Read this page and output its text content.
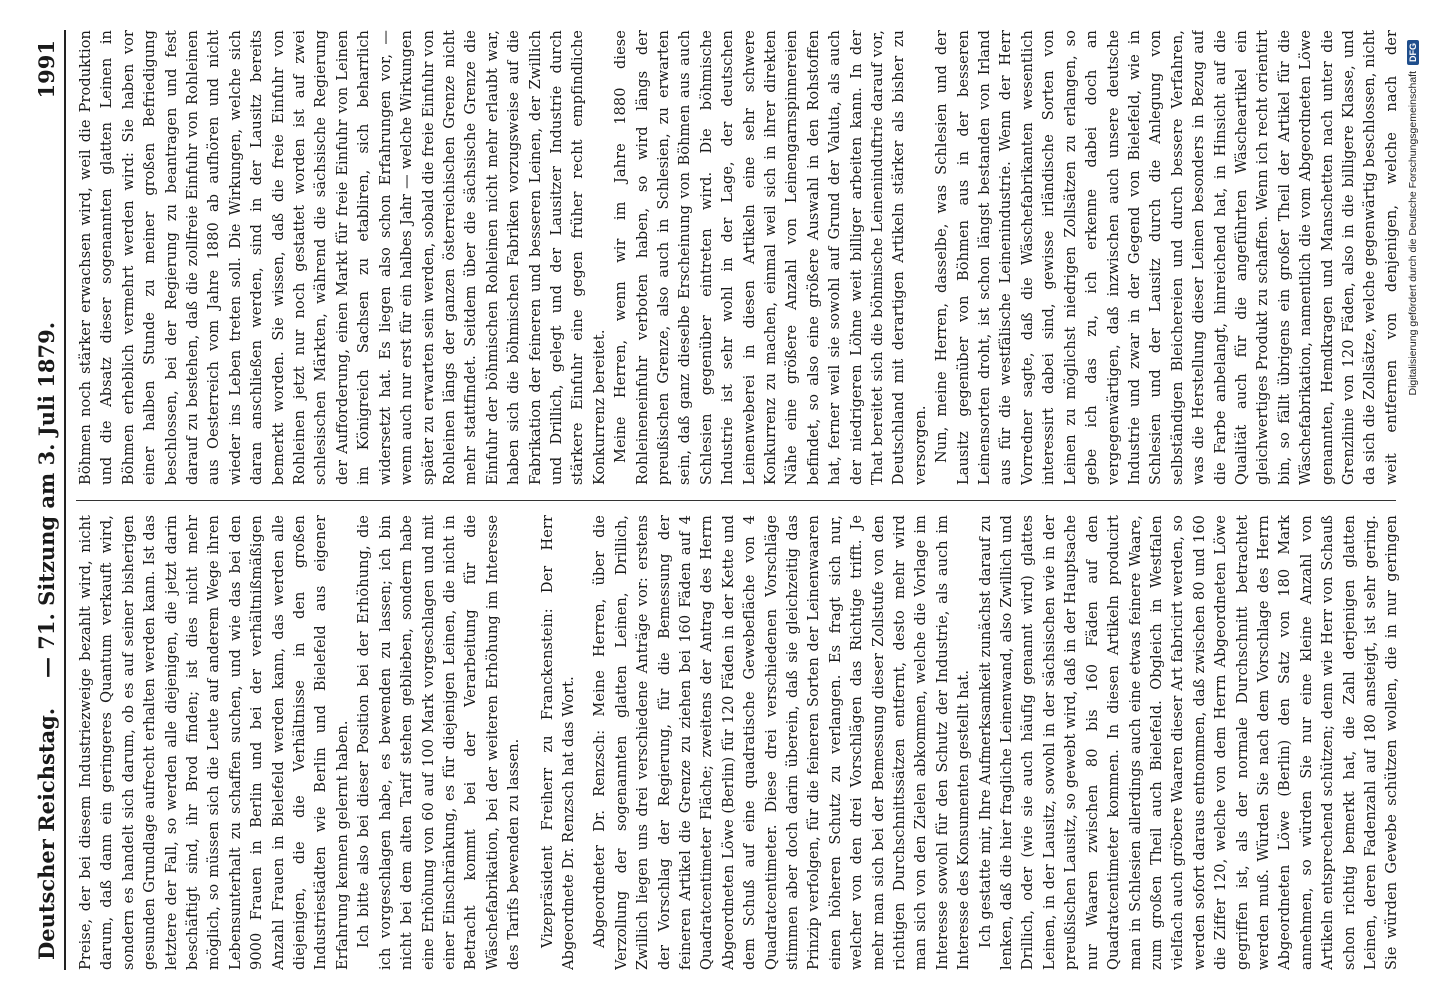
Deutscher Reichstag.
— 71. Sitzung am 3. Juli 1879.
1991

Preise, der bei diesem Industriezweige bezahlt wird, nicht darum, daß dann ein geringeres Quantum verkauft wird, sondern es handelt sich darum, ob es auf seiner bisherigen gesunden Grundlage aufrecht erhalten werden kann. Ist das letztere der Fall, so werden alle diejenigen, die jetzt darin beschäftigt sind, ihr Brod finden; ist dies nicht mehr möglich, so müssen sich die Leute auf anderem Wege ihren Lebensunterhalt zu schaffen suchen, und wie das bei den 9000 Frauen in Berlin und bei der verhältnißmäßigen Anzahl Frauen in Bielefeld werden kann, das werden alle diejenigen, die die Verhältnisse in den großen Industriestädten wie Berlin und Bielefeld aus eigener Erfahrung kennen gelernt haben. Ich bitte also bei dieser Position bei der Erhöhung, die ich vorgeschlagen habe, es bewenden zu lassen; ich bin nicht bei dem alten Tarif stehen geblieben, sondern habe eine Erhöhung von 60 auf 100 Mark vorgeschlagen und mit einer Einschränkung, es für diejenigen Leinen, die nicht in Betracht kommt bei der Verarbeitung für die Wäschefabrikation, bei der weiteren Erhöhung im Interesse des Tarifs bewenden zu lassen. Vizepräsident Freiherr zu Franckenstein: Der Herr Abgeordnete Dr. Renzsch hat das Wort. Abgeordneter Dr. Renzsch: Meine Herren, über die Verzollung der sogenannten glatten Leinen, Drillich, Zwillich liegen uns drei verschiedene Anträge vor: erstens der Vorschlag der Regierung, für die Bemessung der feineren Artikel die Grenze zu ziehen bei 160 Fäden auf 4 Quadratcentimeter Fläche; zweitens der Antrag des Herrn Abgeordneten Löwe (Berlin) für 120 Fäden in der Kette und dem Schuß auf eine quadratische Gewebefläche von 4 Quadratcentimeter. Diese drei verschiedenen Vorschläge stimmen aber doch darin überein, daß sie gleichzeitig das Prinzip verfolgen, für die feineren Sorten der Leinenwaaren einen höheren Schutz zu verlangen. Es fragt sich nur, welcher von den drei Vorschlägen das Richtige trifft. Je mehr man sich bei der Bemessung dieser Zollstufe von den richtigen Durchschnittssätzen entfernt, desto mehr wird man sich von den Zielen abkommen, welche die Vorlage im Interesse sowohl für den Schutz der Industrie, als auch im Interesse des Konsumenten gestellt hat. Ich gestatte mir, Ihre Aufmerksamkeit zunächst darauf zu lenken, daß die hier fragliche Leinenwand, also Zwillich und Drillich, oder (wie sie auch häufig genannt wird) glattes Leinen, in der Lausitz, sowohl in der sächsischen wie in der preußischen Lausitz, so gewebt wird, daß in der Hauptsache nur Waaren zwischen 80 bis 160 Fäden auf den Quadratcentimeter kommen. In diesen Artikeln producirt man in Schlesien allerdings auch eine etwas feinere Waare, zum großen Theil auch Bielefeld. Obgleich in Westfalen vielfach auch gröbere Waaren dieser Art fabricirt werden, so werden sofort daraus entnommen, daß zwischen 80 und 160 die Ziffer 120, welche von dem Herrn Abgeordneten Löwe gegriffen ist, als der normale Durchschnitt betrachtet werden muß. Würden Sie nach dem Vorschlage des Herrn Abgeordneten Löwe (Berlin) den Satz von 180 Mark annehmen, so würden Sie nur eine kleine Anzahl von Artikeln entsprechend schützen; denn wie Herr von Schauß schon richtig bemerkt hat, die Zahl derjenigen glatten Leinen, deren Fadenzahl auf 180 ansteigt, ist sehr gering. Sie würden Gewebe schützen wollen, die in nur geringen

Böhmen noch stärker erwachsen wird, weil die Produktion und die Absatz dieser sogenannten glatten Leinen in Böhmen erheblich vermehrt werden wird: Sie haben vor einer halben Stunde zu meiner großen Befriedigung beschlossen, bei der Regierung zu beantragen und fest darauf zu bestehen, daß die zollfreie Einfuhr von Rohleinen aus Oesterreich vom Jahre 1880 ab aufhören und nicht wieder ins Leben treten soll. Die Wirkungen, welche sich daran anschließen werden, sind in der Lausitz bereits bemerkt worden. Sie wissen, daß die freie Einfuhr von Rohleinen jetzt nur noch gestattet worden ist auf zwei schlesischen Märkten, während die sächsische Regierung der Aufforderung, einen Markt für freie Einfuhr von Leinen im Königreich Sachsen zu etabliren, sich beharrlich widersetzt hat. Es liegen also schon Erfahrungen vor, — wenn auch nur erst für ein halbes Jahr — welche Wirkungen später zu erwarten sein werden, sobald die freie Einfuhr von Rohleinen längs der ganzen österreichischen Grenze nicht mehr stattfindet. Seitdem über die sächsische Grenze die Einfuhr der böhmischen Rohleinen nicht mehr erlaubt war, haben sich die böhmischen Fabriken vorzugsweise auf die Fabrikation der feineren und besseren Leinen, der Zwillich und Drillich, gelegt und der Lausitzer Industrie durch stärkere Einfuhr eine gegen früher recht empfindliche Konkurrenz bereitet. Meine Herren, wenn wir im Jahre 1880 diese Rohleineneinfuhr verboten haben, so wird längs der preußischen Grenze, also auch in Schlesien, zu erwarten sein, daß ganz dieselbe Erscheinung von Böhmen aus auch Schlesien gegenüber eintreten wird. Die böhmische Industrie ist sehr wohl in der Lage, der deutschen Leinenweberei in diesen Artikeln eine sehr schwere Konkurrenz zu machen, einmal weil sich in ihrer direkten Nähe eine größere Anzahl von Leinengarnspinnereien befindet, so also eine größere Auswahl in den Rohstoffen hat, ferner weil sie sowohl auf Grund der Valuta, als auch der niedrigeren Löhne weit billiger arbeiten kann. In der That bereitet sich die böhmische Leineninduftrie darauf vor, Deutschland mit derartigen Artikeln stärker als bisher zu versorgen. Nun, meine Herren, dasselbe, was Schlesien und der Lausitz gegenüber von Böhmen aus in der besseren Leinensorten droht, ist schon längst bestanden von Irland aus für die westfälische Leinenindustrie. Wenn der Herr Vorredner sagte, daß die Wäschefabrikanten wesentlich interessirt dabei sind, gewisse irländische Sorten von Leinen zu möglichst niedrigen Zollsätzen zu erlangen, so gebe ich das zu, ich erkenne dabei doch an vergegenwärtigen, daß inzwischen auch unsere deutsche Industrie und zwar in der Gegend von Bielefeld, wie in Schlesien und der Lausitz durch die Anlegung von selbständigen Bleichereien und durch bessere Verfahren, was die Herstellung dieser Leinen besonders in Bezug auf die Farbe anbelangt, hinreichend hat, in Hinsicht auf die Qualität auch für die angeführten Wäscheartikel ein gleichwertiges Produkt zu schaffen. Wenn ich recht orientirt bin, so fällt übrigens ein großer Theil der Artikel für die Wäschefabrikation, namentlich die vom Abgeordneten Löwe genannten, Hemdkragen und Manschetten nach unter die Grenzlinie von 120 Fäden, also in die billigere Klasse, und da sich die Zollsätze, welche gegenwärtig beschlossen, nicht weit entfernen von denjenigen, welche nach der

Digitalisierung gefördert durch die Deutsche ForschungsgemeinschaftDFG
